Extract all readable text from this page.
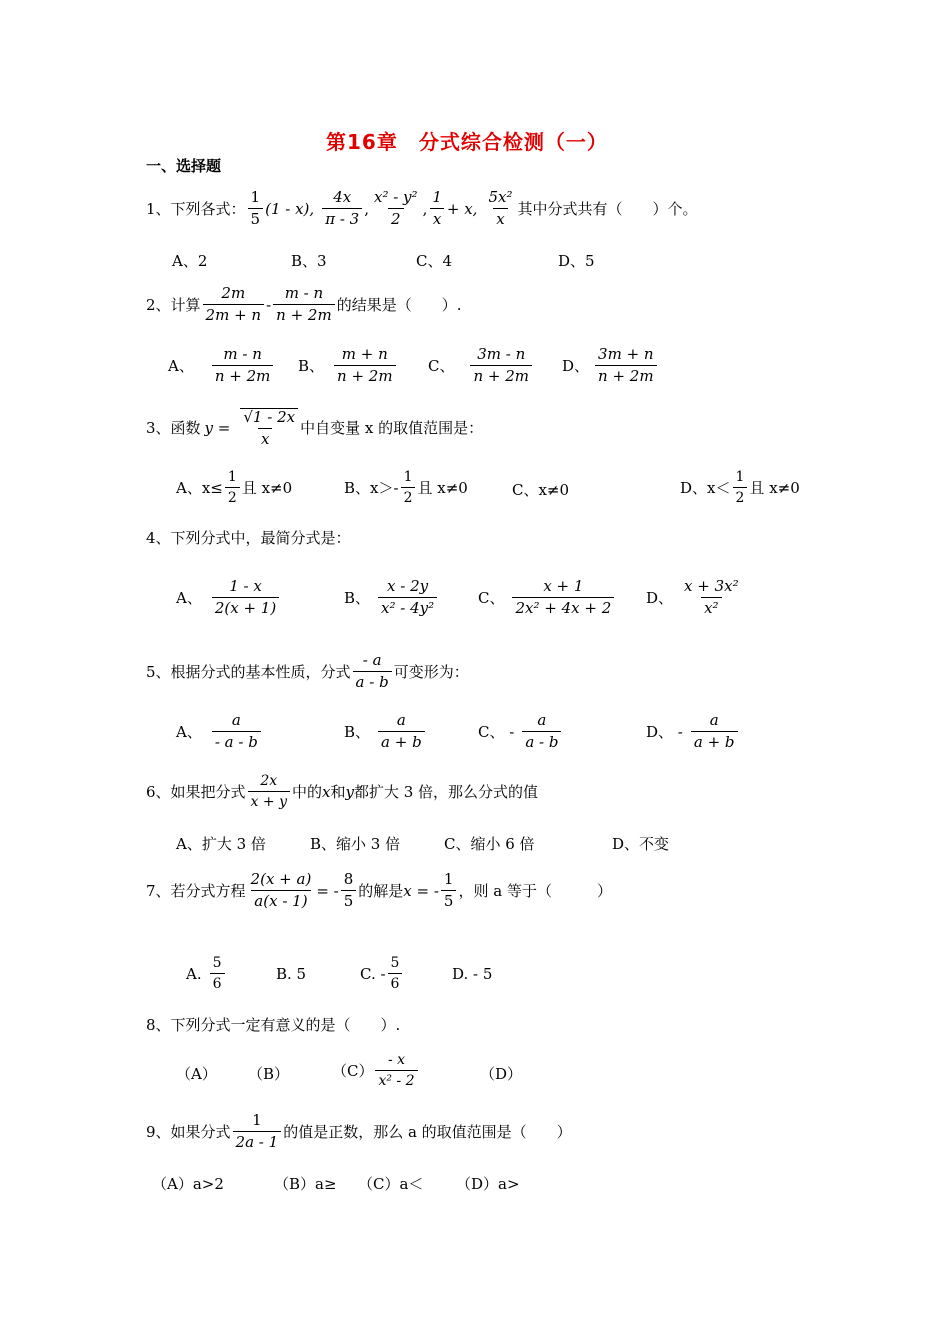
第16章　分式综合检测（一）
一、选择题
1、下列各式： $\frac{1}{5} (1 - x)$, $\frac{4x}{\pi - 3}$ , $\frac{\text{x² - y²}}{2}$ , $\frac{1}{x} + x$, $\frac{\text{5x²}}{x}$ 其中分式共有（　　）个。
A、2	B、3	C、4	D、5
2、计算 $\frac{2m}{2m + n} - \frac{m - n}{n + 2m}$ 的结果是（　　）.
A、 $\frac{m - n}{n + 2m}$ B、 $\frac{m + n}{n + 2m}$ C、 $\frac{3m - n}{n + 2m}$ D、 $\frac{3m + n}{n + 2m}$
3、函数 $y = \frac{√1 - 2x}{x}$ 中自变量 x 的取值范围是：
A、$x\le \frac{1}{2}$ 且 x≠0	B、$x>- \frac{1}{2}$ 且 x≠0	C、x≠0	D、$x< \frac{1}{2}$ 且 x≠0
4、下列分式中，最简分式是：
A、 $\frac{1 - x}{2(x + 1)}$	B、 $\frac{x - 2y}{\text{x² - 4y²}}$	C、 $\frac{x + 1}{\text{2x² + 4x + 2}}$ D、 $\frac{\text{x + 3x²}}{\text{x²}}$
5、根据分式的基本性质，分式 $\frac{- a}{a - b}$ 可变形为：
A、 $\frac{a}{- a - b}$	B、 $\frac{a}{a + b}$	C、 - $\frac{a}{a - b}$	D、 - $\frac{a}{a + b}$
6、如果把分式 $\frac{2x}{x + y}$ 中的 x 和 y 都扩大 3 倍，那么分式的值
A、扩大 3 倍	B、缩小 3 倍	C、缩小 6 倍	D、不变
7、若分式方程 $\frac{2(x + a)}{a(x - 1)}$ = - $\frac{8}{5}$ 的解是 x = - $\frac{1}{5}$ ，则 a 等于（　　　）
A. $\frac{5}{6}$	B. 5	C. - $\frac{5}{6}$	D. - 5
8、下列分式一定有意义的是（　　）.
（A） （B）	$(C) \frac{- x}{\text{x² - 2}}$	（D）
9、如果分式 $\frac{1}{2a - 1}$ 的值是正数，那么 a 的取值范围是（　　）
（A）a>2	（B）a≥ （C）a＜ （D）a>
